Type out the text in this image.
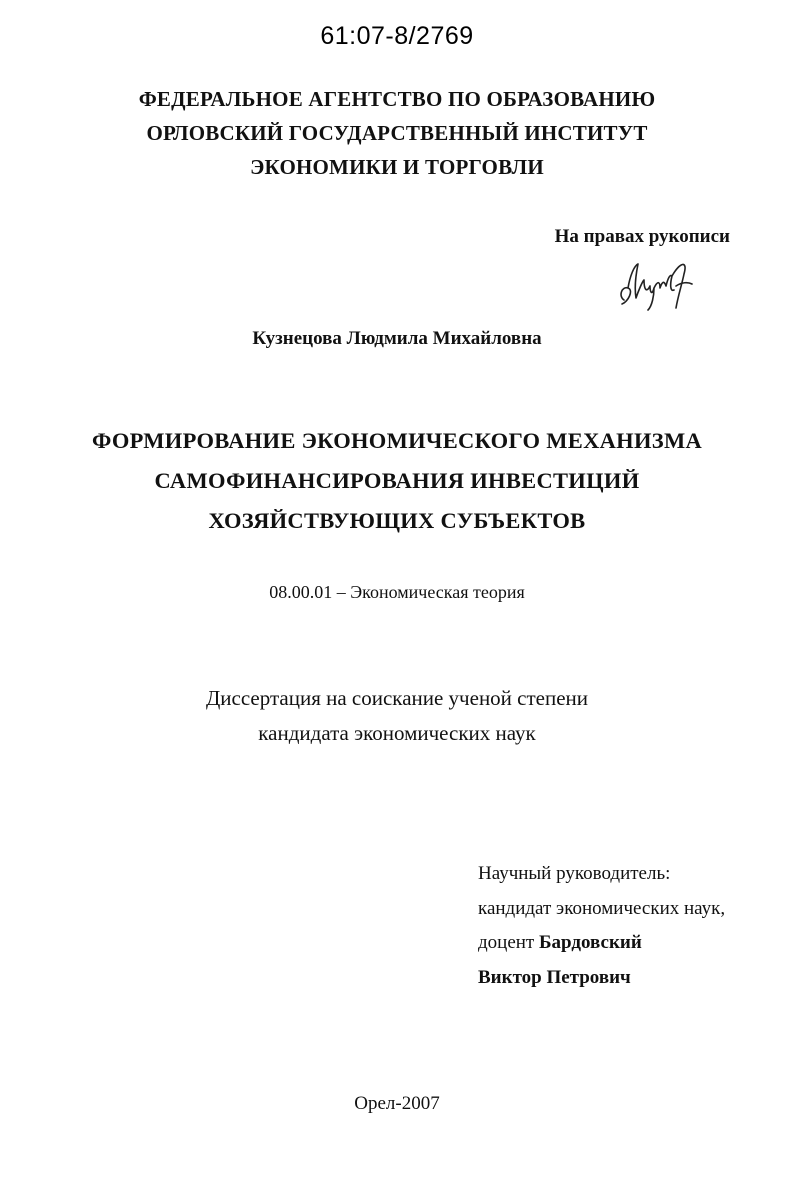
61:07-8/2769
ФЕДЕРАЛЬНОЕ АГЕНТСТВО ПО ОБРАЗОВАНИЮ
ОРЛОВСКИЙ ГОСУДАРСТВЕННЫЙ ИНСТИТУТ
ЭКОНОМИКИ И ТОРГОВЛИ
На правах рукописи
Кузнецова Людмила Михайловна
ФОРМИРОВАНИЕ ЭКОНОМИЧЕСКОГО МЕХАНИЗМА
САМОФИНАНСИРОВАНИЯ ИНВЕСТИЦИЙ
ХОЗЯЙСТВУЮЩИХ СУБЪЕКТОВ
08.00.01 – Экономическая теория
Диссертация на соискание ученой степени
кандидата экономических наук
Научный руководитель:
кандидат экономических наук,
доцент Бардовский
Виктор Петрович
Орел-2007
